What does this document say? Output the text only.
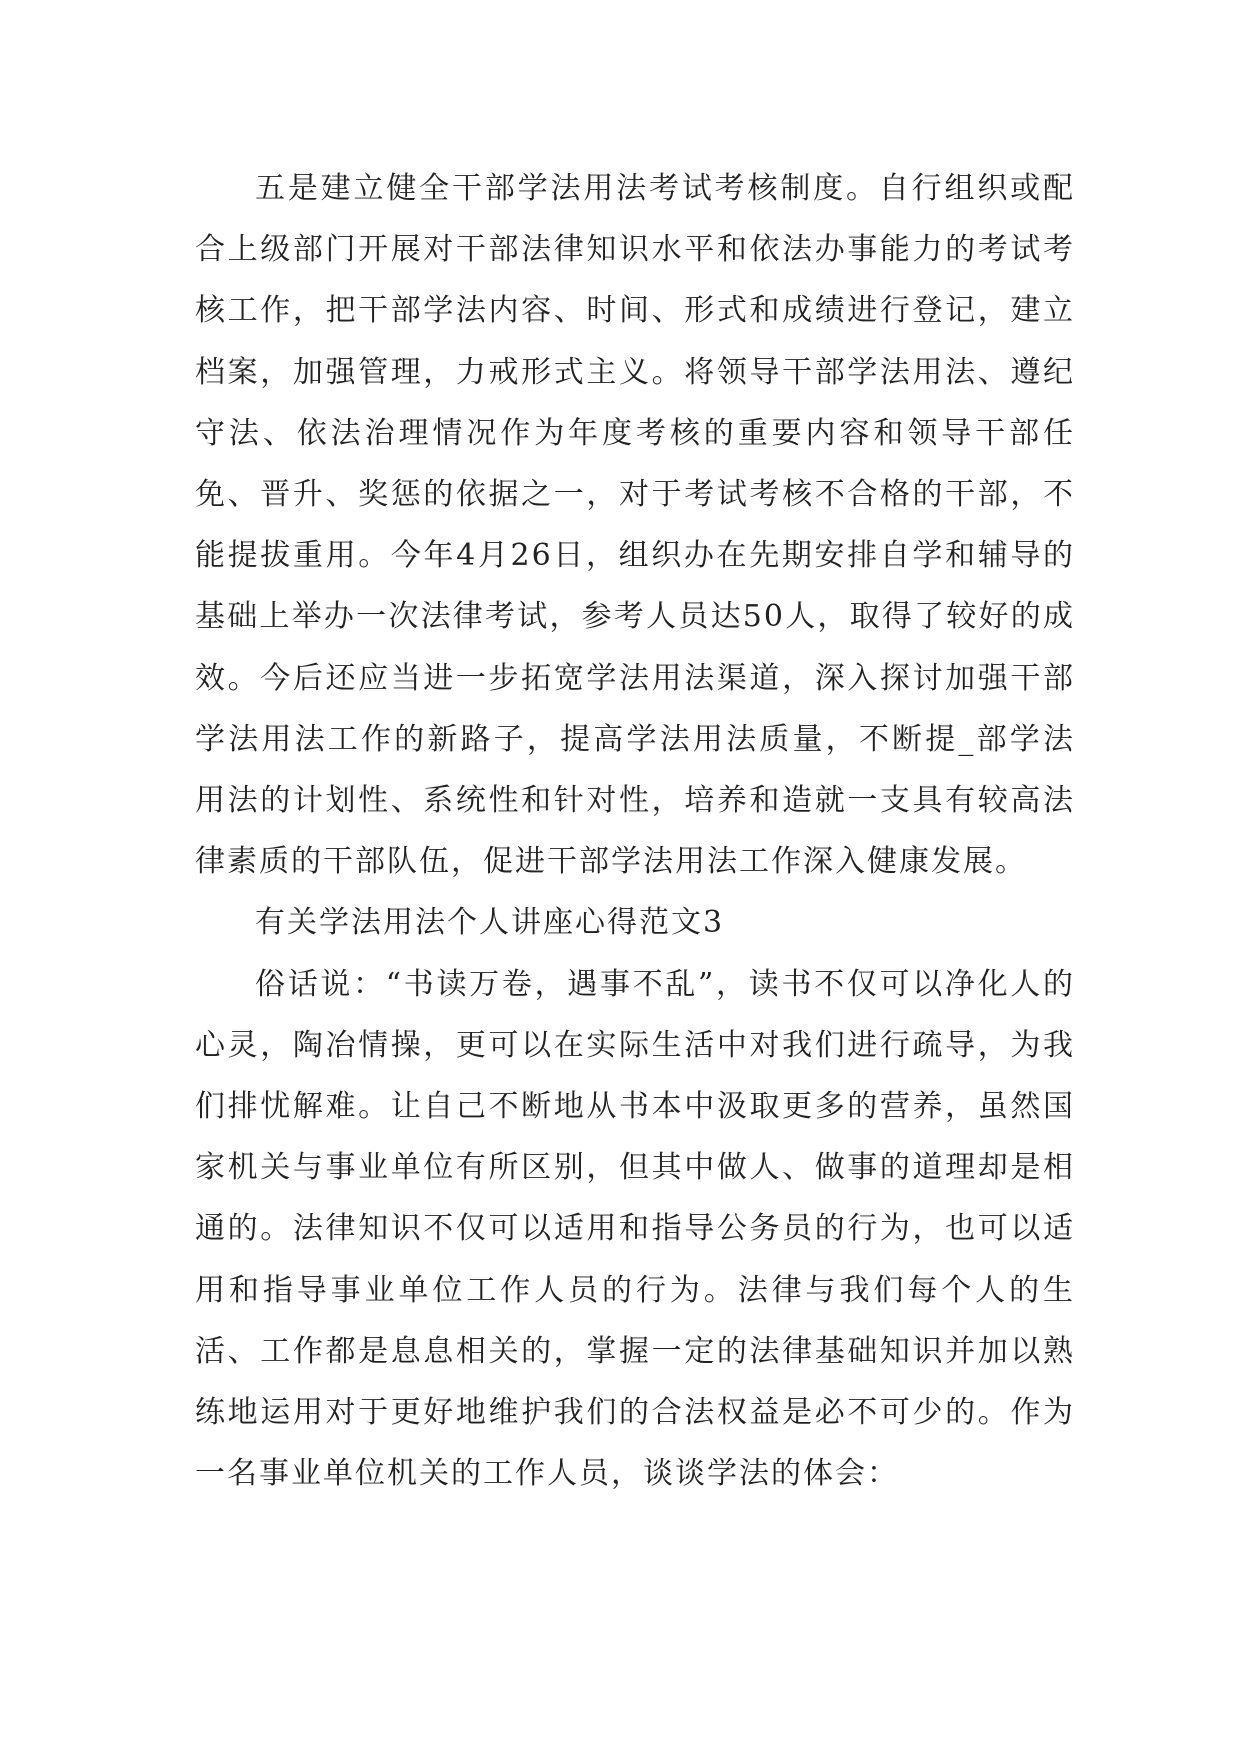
五是建立健全干部学法用法考试考核制度。自行组织或配合上级部门开展对干部法律知识水平和依法办事能力的考试考核工作，把干部学法内容、时间、形式和成绩进行登记，建立档案，加强管理，力戒形式主义。将领导干部学法用法、遵纪守法、依法治理情况作为年度考核的重要内容和领导干部任免、晋升、奖惩的依据之一，对于考试考核不合格的干部，不能提拔重用。今年4月26日，组织办在先期安排自学和辅导的基础上举办一次法律考试，参考人员达50人，取得了较好的成效。今后还应当进一步拓宽学法用法渠道，深入探讨加强干部学法用法工作的新路子，提高学法用法质量，不断提_部学法用法的计划性、系统性和针对性，培养和造就一支具有较高法律素质的干部队伍，促进干部学法用法工作深入健康发展。

有关学法用法个人讲座心得范文3

俗话说：“书读万卷，遇事不乱”，读书不仅可以净化人的心灵，陶冶情操，更可以在实际生活中对我们进行疏导，为我们排忧解难。让自己不断地从书本中汲取更多的营养，虽然国家机关与事业单位有所区别，但其中做人、做事的道理却是相通的。法律知识不仅可以适用和指导公务员的行为，也可以适用和指导事业单位工作人员的行为。法律与我们每个人的生活、工作都是息息相关的，掌握一定的法律基础知识并加以熟练地运用对于更好地维护我们的合法权益是必不可少的。作为一名事业单位机关的工作人员，谈谈学法的体会：
